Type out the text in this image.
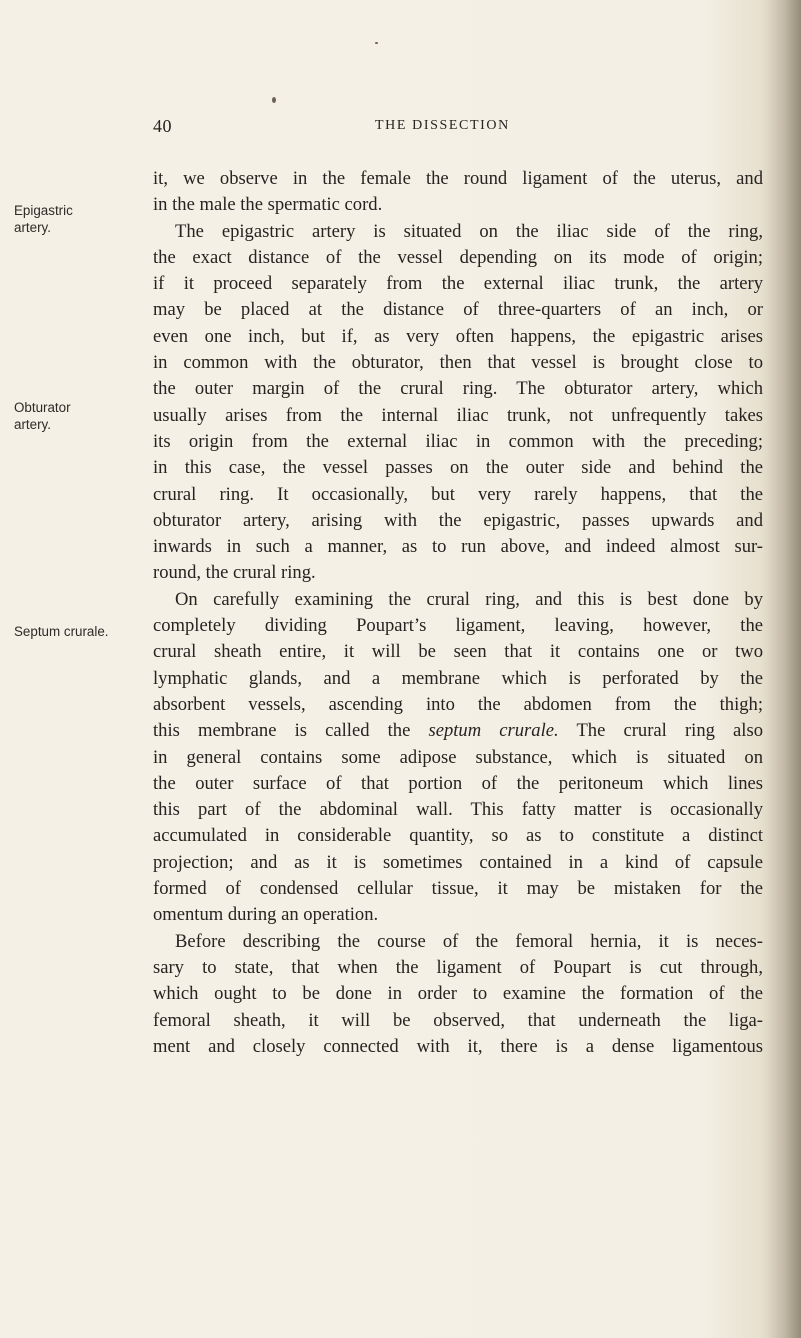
40	THE DISSECTION
Epigastric
artery.
Obturator
artery.
Septum crurale.
it, we observe in the female the round ligament of the uterus, and
in the male the spermatic cord.
The epigastric artery is situated on the iliac side of the ring,
the exact distance of the vessel depending on its mode of origin;
if it proceed separately from the external iliac trunk, the artery
may be placed at the distance of three-quarters of an inch, or
even one inch, but if, as very often happens, the epigastric arises
in common with the obturator, then that vessel is brought close to
the outer margin of the crural ring. The obturator artery, which
usually arises from the internal iliac trunk, not unfrequently takes
its origin from the external iliac in common with the preceding;
in this case, the vessel passes on the outer side and behind the
crural ring. It occasionally, but very rarely happens, that the
obturator artery, arising with the epigastric, passes upwards and
inwards in such a manner, as to run above, and indeed almost sur-
round, the crural ring.
On carefully examining the crural ring, and this is best done by
completely dividing Poupart’s ligament, leaving, however, the
crural sheath entire, it will be seen that it contains one or two
lymphatic glands, and a membrane which is perforated by the
absorbent vessels, ascending into the abdomen from the thigh;
this membrane is called the septum crurale. The crural ring also
in general contains some adipose substance, which is situated on
the outer surface of that portion of the peritoneum which lines
this part of the abdominal wall. This fatty matter is occasionally
accumulated in considerable quantity, so as to constitute a distinct
projection; and as it is sometimes contained in a kind of capsule
formed of condensed cellular tissue, it may be mistaken for the
omentum during an operation.
Before describing the course of the femoral hernia, it is neces-
sary to state, that when the ligament of Poupart is cut through,
which ought to be done in order to examine the formation of the
femoral sheath, it will be observed, that underneath the liga-
ment and closely connected with it, there is a dense ligamentous
